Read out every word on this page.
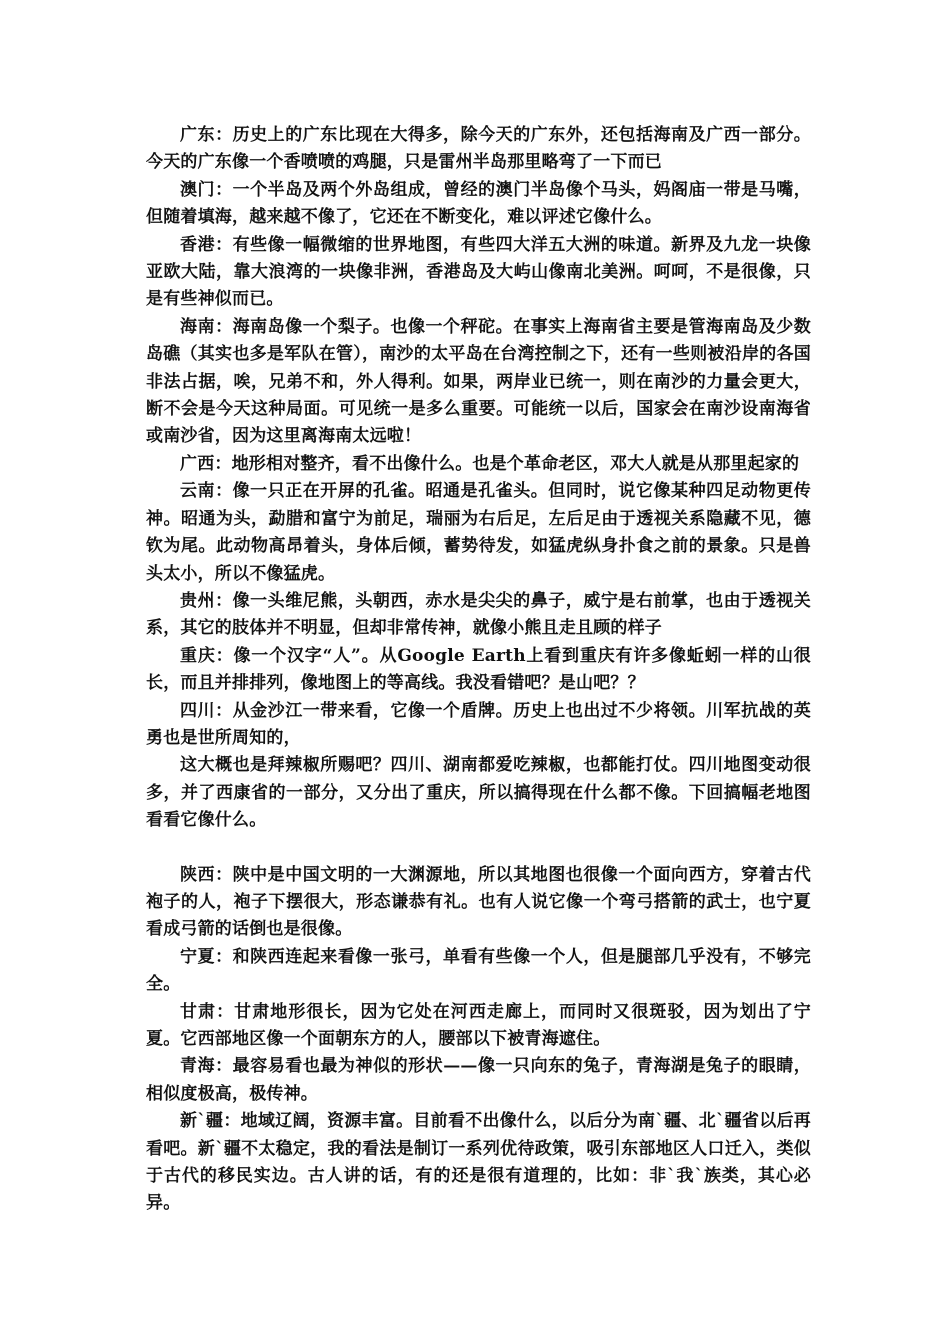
广东：历史上的广东比现在大得多，除今天的广东外，还包括海南及广西一部分。今天的广东像一个香喷喷的鸡腿，只是雷州半岛那里略弯了一下而已

澳门：一个半岛及两个外岛组成，曾经的澳门半岛像个马头，妈阁庙一带是马嘴，但随着填海，越来越不像了，它还在不断变化，难以评述它像什么。

香港：有些像一幅微缩的世界地图，有些四大洋五大洲的味道。新界及九龙一块像亚欧大陆，靠大浪湾的一块像非洲，香港岛及大屿山像南北美洲。呵呵，不是很像，只是有些神似而已。

海南：海南岛像一个梨子。也像一个秤砣。在事实上海南省主要是管海南岛及少数岛礁（其实也多是军队在管），南沙的太平岛在台湾控制之下，还有一些则被沿岸的各国非法占据，唉，兄弟不和，外人得利。如果，两岸业已统一，则在南沙的力量会更大，断不会是今天这种局面。可见统一是多么重要。可能统一以后，国家会在南沙设南海省或南沙省，因为这里离海南太远啦！

广西：地形相对整齐，看不出像什么。也是个革命老区，邓大人就是从那里起家的

云南：像一只正在开屏的孔雀。昭通是孔雀头。但同时，说它像某种四足动物更传神。昭通为头，勐腊和富宁为前足，瑞丽为右后足，左后足由于透视关系隐藏不见，德钦为尾。此动物高昂着头，身体后倾，蓄势待发，如猛虎纵身扑食之前的景象。只是兽头太小，所以不像猛虎。

贵州：像一头维尼熊，头朝西，赤水是尖尖的鼻子，威宁是右前掌，也由于透视关系，其它的肢体并不明显，但却非常传神，就像小熊且走且顾的样子

重庆：像一个汉字“人”。从Google Earth上看到重庆有许多像蚯蚓一样的山很长，而且并排排列，像地图上的等高线。我没看错吧？是山吧？？

四川：从金沙江一带来看，它像一个盾牌。历史上也出过不少将领。川军抗战的英勇也是世所周知的，

这大概也是拜辣椒所赐吧？四川、湖南都爱吃辣椒，也都能打仗。四川地图变动很多，并了西康省的一部分，又分出了重庆，所以搞得现在什么都不像。下回搞幅老地图看看它像什么。

陕西：陕中是中国文明的一大渊源地，所以其地图也很像一个面向西方，穿着古代袍子的人，袍子下摆很大，形态谦恭有礼。也有人说它像一个弯弓搭箭的武士，也宁夏看成弓箭的话倒也是很像。

宁夏：和陕西连起来看像一张弓，单看有些像一个人，但是腿部几乎没有，不够完全。

甘肃：甘肃地形很长，因为它处在河西走廊上，而同时又很斑驳，因为划出了宁夏。它西部地区像一个面朝东方的人，腰部以下被青海遮住。

青海：最容易看也最为神似的形状——像一只向东的兔子，青海湖是兔子的眼睛，相似度极高，极传神。

新`疆：地域辽阔，资源丰富。目前看不出像什么，以后分为南`疆、北`疆省以后再看吧。新`疆不太稳定，我的看法是制订一系列优待政策，吸引东部地区人口迁入，类似于古代的移民实边。古人讲的话，有的还是很有道理的，比如：非`我`族类，其心必异。
